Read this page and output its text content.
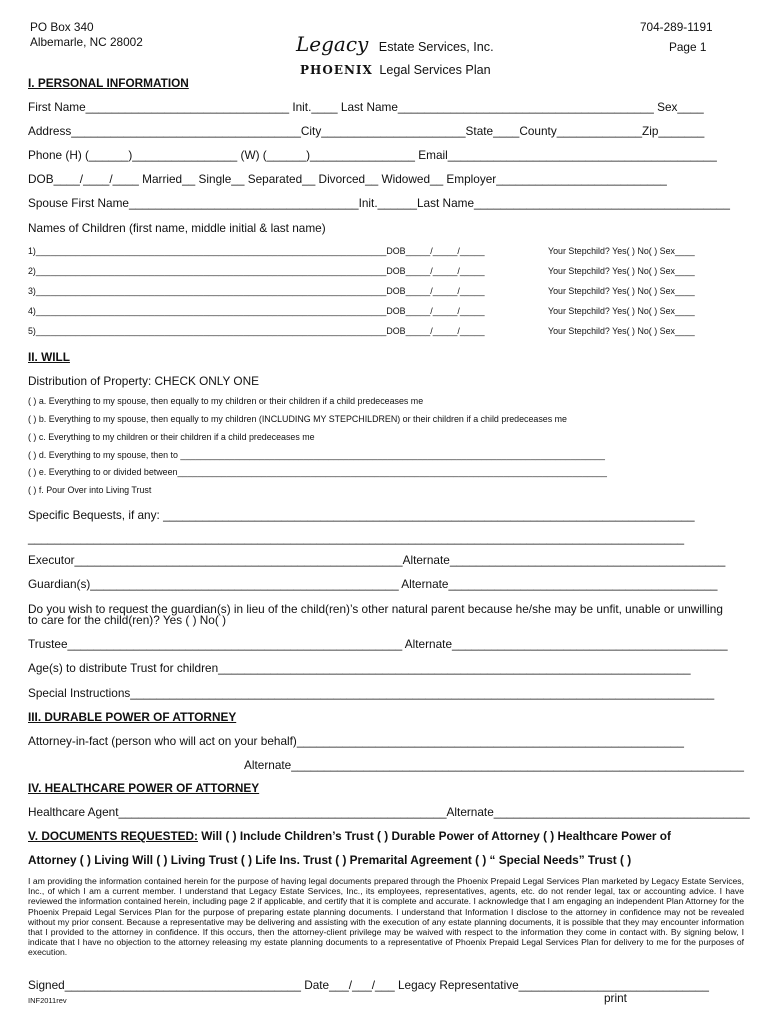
PO Box 340
Albemarle, NC 28002	Legacy Estate Services, Inc.
PHOENIX Legal Services Plan
704-289-1191
Page 1
I. PERSONAL INFORMATION
First Name_______________________________ Init.____ Last Name_______________________________________ Sex____
Address___________________________________City______________________State____County_____________Zip_______
Phone (H) (______)________________ (W) (______)________________ Email_________________________________________
DOB____/____/____ Married__ Single__ Separated__ Divorced__ Widowed__ Employer__________________________
Spouse First Name___________________________________Init.______Last Name_______________________________________
Names of Children (first name, middle initial & last name)
1)_______________________________________________________________________DOB_____/_____/_____	Your Stepchild? Yes( ) No( ) Sex____
2)_______________________________________________________________________DOB_____/_____/_____	Your Stepchild? Yes( ) No( ) Sex____
3)_______________________________________________________________________DOB_____/_____/_____	Your Stepchild? Yes( ) No( ) Sex____
4)_______________________________________________________________________DOB_____/_____/_____	Your Stepchild? Yes( ) No( ) Sex____
5)_______________________________________________________________________DOB_____/_____/_____	Your Stepchild? Yes( ) No( ) Sex____
II. WILL
Distribution of Property: CHECK ONLY ONE
( ) a. Everything to my spouse, then equally to my children or their children if a child predeceases me
( ) b. Everything to my spouse, then equally to my children (INCLUDING MY STEPCHILDREN) or their children if a child predeceases me
( ) c. Everything to my children or their children if a child predeceases me
( ) d. Everything to my spouse, then to ______________________________________________________________________________________
( ) e. Everything to or divided between_______________________________________________________________________________________
( ) f. Pour Over into Living Trust
Specific Bequests, if any: _________________________________________________________________________________
____________________________________________________________________________________________________
Executor__________________________________________________Alternate__________________________________________
Guardian(s)_______________________________________________ Alternate_________________________________________
Do you wish to request the guardian(s) in lieu of the child(ren)’s other natural parent because he/she may be unfit, unable or unwilling
to care for the child(ren)? Yes ( ) No( )
Trustee___________________________________________________ Alternate__________________________________________
Age(s) to distribute Trust for children________________________________________________________________________
Special Instructions_________________________________________________________________________________________
III. DURABLE POWER OF ATTORNEY
Attorney-in-fact (person who will act on your behalf)___________________________________________________________
Alternate_____________________________________________________________________
IV. HEALTHCARE POWER OF ATTORNEY
Healthcare Agent__________________________________________________Alternate_______________________________________
V. DOCUMENTS REQUESTED: Will ( ) Include Children’s Trust ( ) Durable Power of Attorney ( ) Healthcare Power of
Attorney ( ) Living Will ( ) Living Trust ( ) Life Ins. Trust ( ) Premarital Agreement ( ) “ Special Needs” Trust ( )
I am providing the information contained herein for the purpose of having legal documents prepared through the Phoenix Prepaid Legal Services Plan marketed by Legacy Estate Services, Inc., of which I am a current member. I understand that Legacy Estate Services, Inc., its employees, representatives, agents, etc. do not render legal, tax or accounting advice. I have reviewed the information contained herein, including page 2 if applicable, and certify that it is complete and accurate. I acknowledge that I am engaging an independent Plan Attorney for the Phoenix Prepaid Legal Services Plan for the purpose of preparing estate planning documents. I understand that Information I disclose to the attorney in confidence may not be revealed without my prior consent. Because a representative may be delivering and assisting with the execution of any estate planning documents, it is possible that they may encounter information that I provided to the attorney in confidence. If this occurs, then the attorney-client privilege may be waived with respect to the information they come in contact with. By signing below, I indicate that I have no objection to the attorney releasing my estate planning documents to a representative of Phoenix Prepaid Legal Services Plan for delivery to me for the purposes of execution.
Signed____________________________________ Date___/___/___ Legacy Representative_____________________________
print
INF2011rev
